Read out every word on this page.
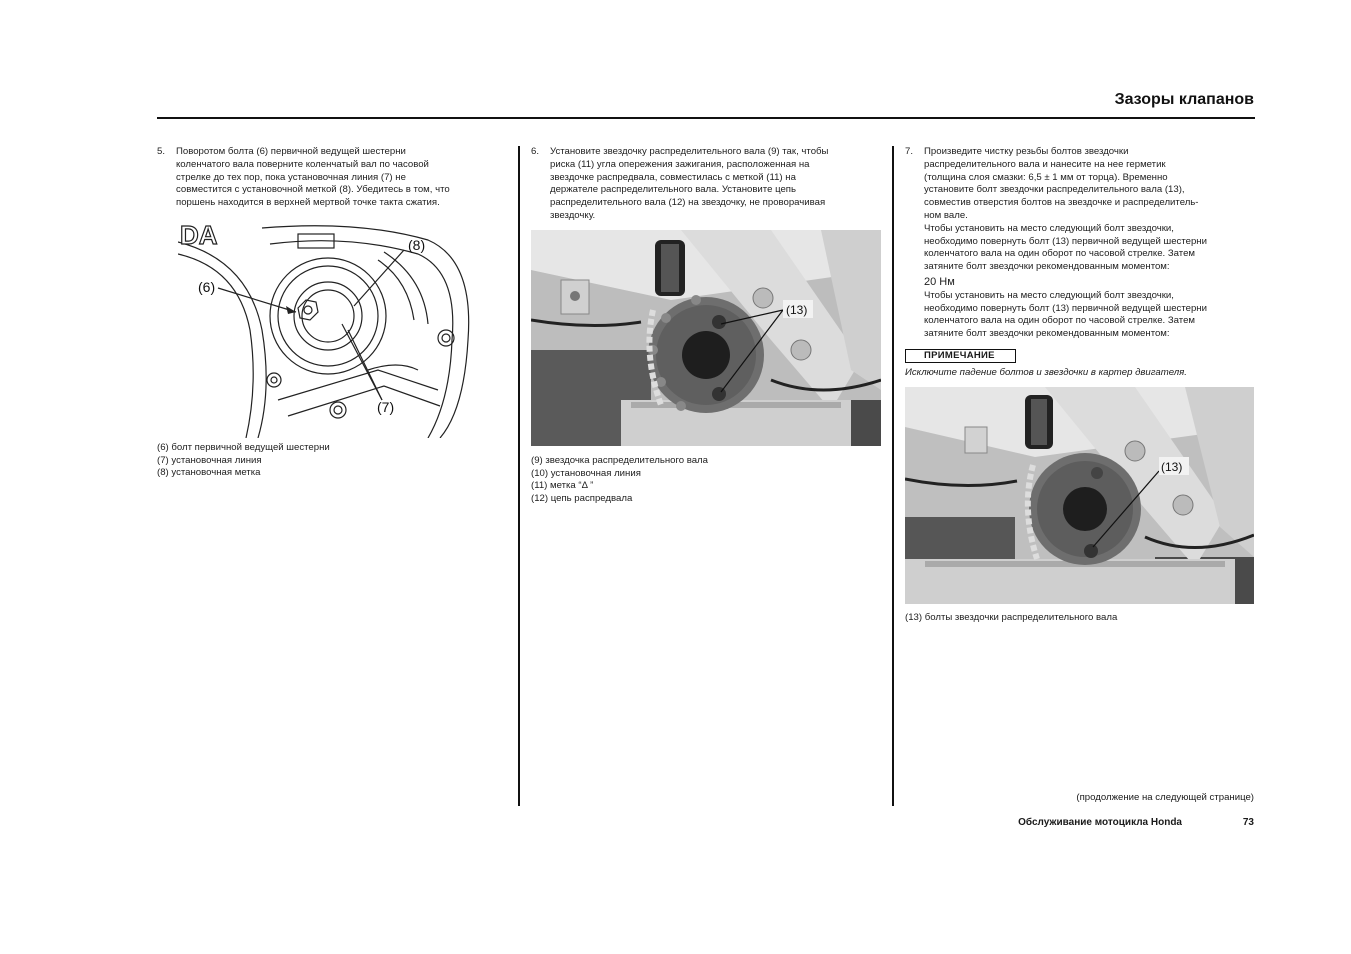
Зазоры клапанов
5. Поворотом болта (6) первичной ведущей шестерни
коленчатого вала поверните коленчатый вал по часовой
стрелке до тех пор, пока установочная линия (7) не
совместится с установочной меткой (8). Убедитесь в том, что
поршень находится в верхней мертвой точке такта сжатия.
DA
(6)
(8)
(7)
(6) болт первичной ведущей шестерни
(7) установочная линия
(8) установочная метка
6. Установите звездочку распределительного вала (9) так, чтобы
риска (11) угла опережения зажигания, расположенная на
звездочке распредвала, совместилась с меткой (11) на
держателе распределительного вала. Установите цепь
распределительного вала (12) на звездочку, не проворачивая
звездочку.
(13)
(9) звездочка распределительного вала
(10) установочная линия
(11) метка “Δ ”
(12) цепь распредвала
7. Произведите чистку резьбы болтов звездочки
распределительного вала и нанесите на нее герметик
(толщина слоя смазки: 6,5 ± 1 мм от торца). Временно
установите болт звездочки распределительного вала (13),
совместив отверстия болтов на звездочке и распределитель-
ном вале.
Чтобы установить на место следующий болт звездочки,
необходимо повернуть болт (13) первичной ведущей шестерни
коленчатого вала на один оборот по часовой стрелке. Затем
затяните болт звездочки рекомендованным моментом:
20 Нм
Чтобы установить на место следующий болт звездочки,
необходимо повернуть болт (13) первичной ведущей шестерни
коленчатого вала на один оборот по часовой стрелке. Затем
затяните болт звездочки рекомендованным моментом:
ПРИМЕЧАНИЕ
Исключите падение болтов и звездочки в картер двигателя.
(13)
(13) болты звездочки распределительного вала
(продолжение на следующей странице)
Обслуживание мотоцикла Honda	73
